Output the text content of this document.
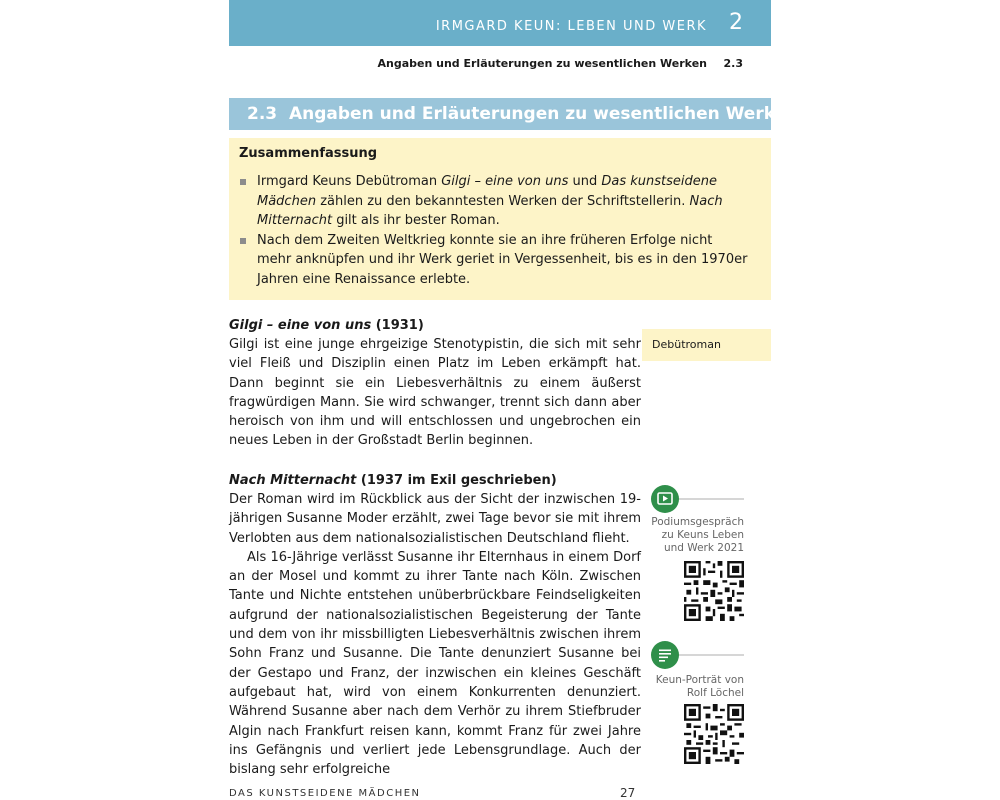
IRMGARD KEUN: LEBEN UND WERK 2
Angaben und Erläuterungen zu wesentlichen Werken 2.3
2.3 Angaben und Erläuterungen zu wesentlichen Werken
Zusammenfassung
Irmgard Keuns Debütroman Gilgi – eine von uns und Das kunstseidene Mädchen zählen zu den bekanntesten Werken der Schriftstellerin. Nach Mitternacht gilt als ihr bester Roman.
Nach dem Zweiten Weltkrieg konnte sie an ihre früheren Erfolge nicht mehr anknüpfen und ihr Werk geriet in Vergessenheit, bis es in den 1970er Jahren eine Renaissance erlebte.
Gilgi – eine von uns (1931)

Gilgi ist eine junge ehrgeizige Stenotypistin, die sich mit sehr viel Fleiß und Disziplin einen Platz im Leben erkämpft hat. Dann beginnt sie ein Liebesverhältnis zu einem äußerst fragwürdigen Mann. Sie wird schwanger, trennt sich dann aber heroisch von ihm und will entschlossen und ungebrochen ein neues Leben in der Großstadt Berlin beginnen.

Nach Mitternacht (1937 im Exil geschrieben)

Der Roman wird im Rückblick aus der Sicht der inzwischen 19-jährigen Susanne Moder erzählt, zwei Tage bevor sie mit ihrem Verlobten aus dem nationalsozialistischen Deutschland flieht.

Als 16-Jährige verlässt Susanne ihr Elternhaus in einem Dorf an der Mosel und kommt zu ihrer Tante nach Köln. Zwischen Tante und Nichte entstehen unüberbrückbare Feindseligkeiten aufgrund der nationalsozialistischen Begeisterung der Tante und dem von ihr missbilligten Liebesverhältnis zwischen ihrem Sohn Franz und Susanne. Die Tante denunziert Susanne bei der Gestapo und Franz, der inzwischen ein kleines Geschäft aufgebaut hat, wird von einem Konkurrenten denunziert. Während Susanne aber nach dem Verhör zu ihrem Stiefbruder Algin nach Frankfurt reisen kann, kommt Franz für zwei Jahre ins Gefängnis und verliert jede Lebensgrundlage. Auch der bislang sehr erfolgreiche

Debütroman
Podiumsgespräch
zu Keuns Leben
und Werk 2021
Keun-Porträt von
Rolf Löchel
DAS KUNSTSEIDENE MÄDCHEN	27
